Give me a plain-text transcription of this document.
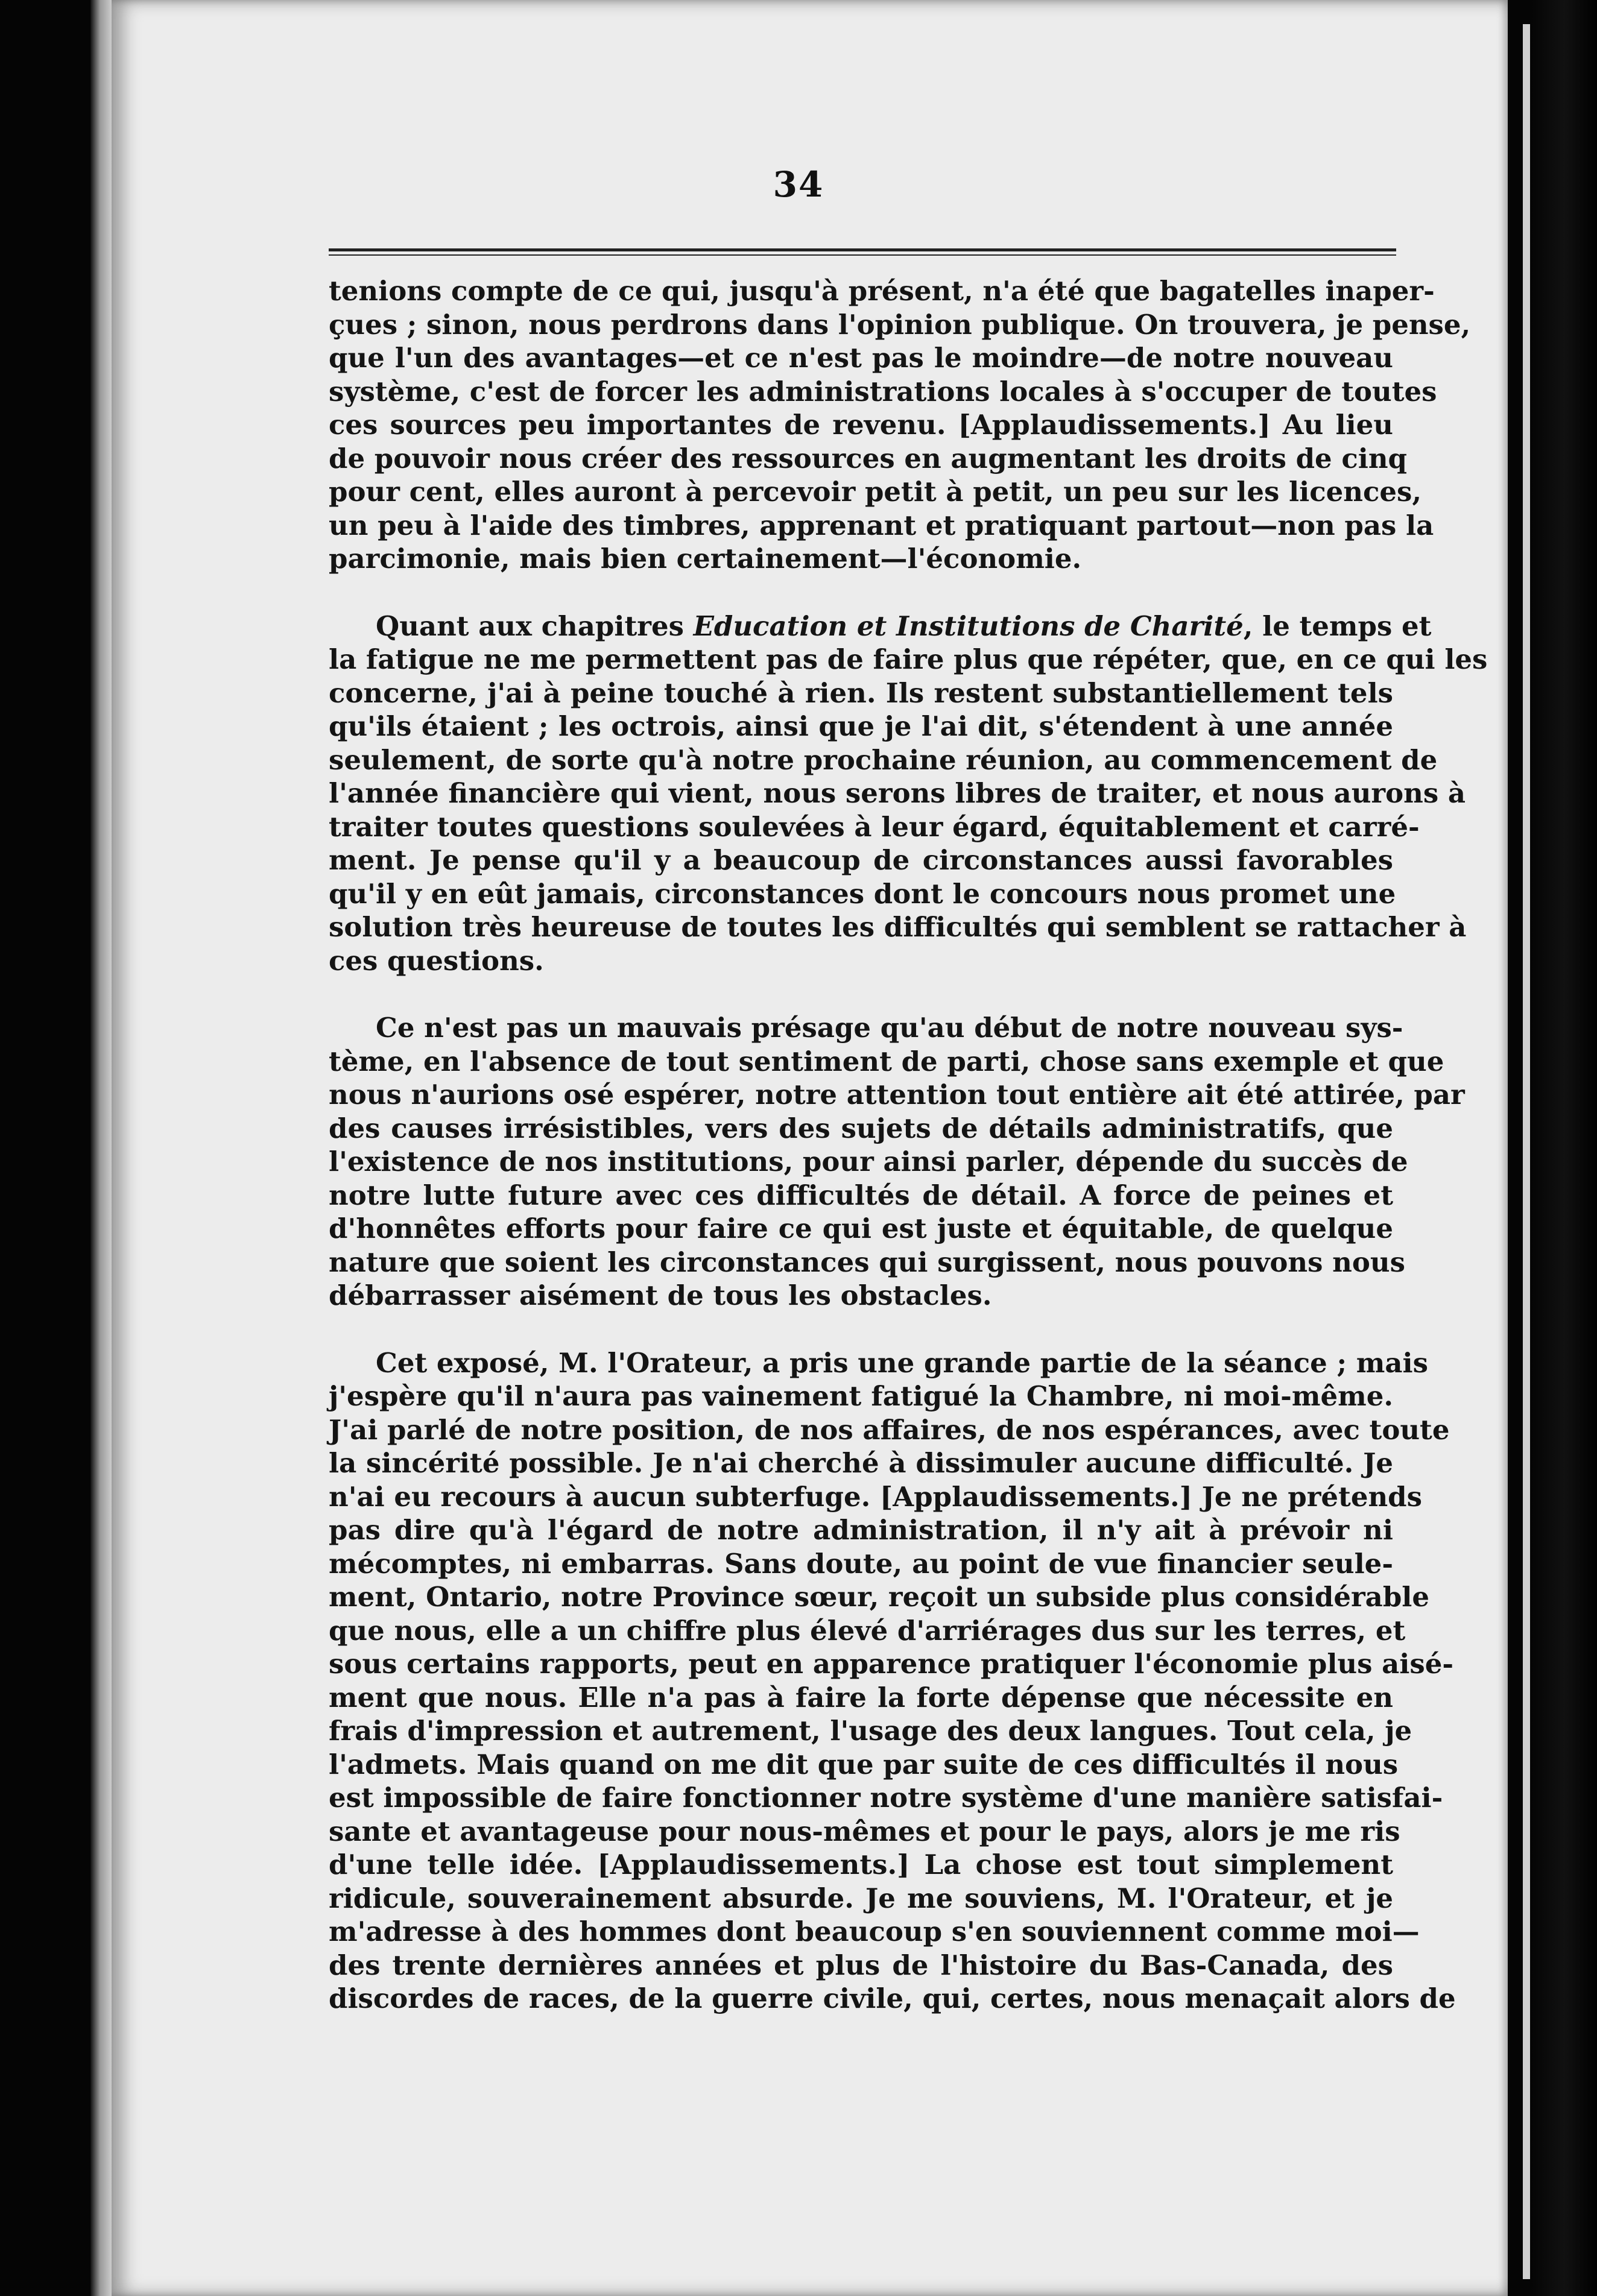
34
tenions compte de ce qui, jusqu'à présent, n'a été que bagatelles inaper-
çues ; sinon, nous perdrons dans l'opinion publique. On trouvera, je pense,
que l'un des avantages—et ce n'est pas le moindre—de notre nouveau
système, c'est de forcer les administrations locales à s'occuper de toutes
ces sources peu importantes de revenu. [Applaudissements.] Au lieu
de pouvoir nous créer des ressources en augmentant les droits de cinq
pour cent, elles auront à percevoir petit à petit, un peu sur les licences,
un peu à l'aide des timbres, apprenant et pratiquant partout—non pas la
parcimonie, mais bien certainement—l'économie.
Quant aux chapitres Education et Institutions de Charité, le temps et
la fatigue ne me permettent pas de faire plus que répéter, que, en ce qui les
concerne, j'ai à peine touché à rien. Ils restent substantiellement tels
qu'ils étaient ; les octrois, ainsi que je l'ai dit, s'étendent à une année
seulement, de sorte qu'à notre prochaine réunion, au commencement de
l'année financière qui vient, nous serons libres de traiter, et nous aurons à
traiter toutes questions soulevées à leur égard, équitablement et carré-
ment. Je pense qu'il y a beaucoup de circonstances aussi favorables
qu'il y en eût jamais, circonstances dont le concours nous promet une
solution très heureuse de toutes les difficultés qui semblent se rattacher à
ces questions.
Ce n'est pas un mauvais présage qu'au début de notre nouveau sys-
tème, en l'absence de tout sentiment de parti, chose sans exemple et que
nous n'aurions osé espérer, notre attention tout entière ait été attirée, par
des causes irrésistibles, vers des sujets de détails administratifs, que
l'existence de nos institutions, pour ainsi parler, dépende du succès de
notre lutte future avec ces difficultés de détail. A force de peines et
d'honnêtes efforts pour faire ce qui est juste et équitable, de quelque
nature que soient les circonstances qui surgissent, nous pouvons nous
débarrasser aisément de tous les obstacles.
Cet exposé, M. l'Orateur, a pris une grande partie de la séance ; mais
j'espère qu'il n'aura pas vainement fatigué la Chambre, ni moi-même.
J'ai parlé de notre position, de nos affaires, de nos espérances, avec toute
la sincérité possible. Je n'ai cherché à dissimuler aucune difficulté. Je
n'ai eu recours à aucun subterfuge. [Applaudissements.] Je ne prétends
pas dire qu'à l'égard de notre administration, il n'y ait à prévoir ni
mécomptes, ni embarras. Sans doute, au point de vue financier seule-
ment, Ontario, notre Province sœur, reçoit un subside plus considérable
que nous, elle a un chiffre plus élevé d'arriérages dus sur les terres, et
sous certains rapports, peut en apparence pratiquer l'économie plus aisé-
ment que nous. Elle n'a pas à faire la forte dépense que nécessite en
frais d'impression et autrement, l'usage des deux langues. Tout cela, je
l'admets. Mais quand on me dit que par suite de ces difficultés il nous
est impossible de faire fonctionner notre système d'une manière satisfai-
sante et avantageuse pour nous-mêmes et pour le pays, alors je me ris
d'une telle idée. [Applaudissements.] La chose est tout simplement
ridicule, souverainement absurde. Je me souviens, M. l'Orateur, et je
m'adresse à des hommes dont beaucoup s'en souviennent comme moi—
des trente dernières années et plus de l'histoire du Bas-Canada, des
discordes de races, de la guerre civile, qui, certes, nous menaçait alors de
